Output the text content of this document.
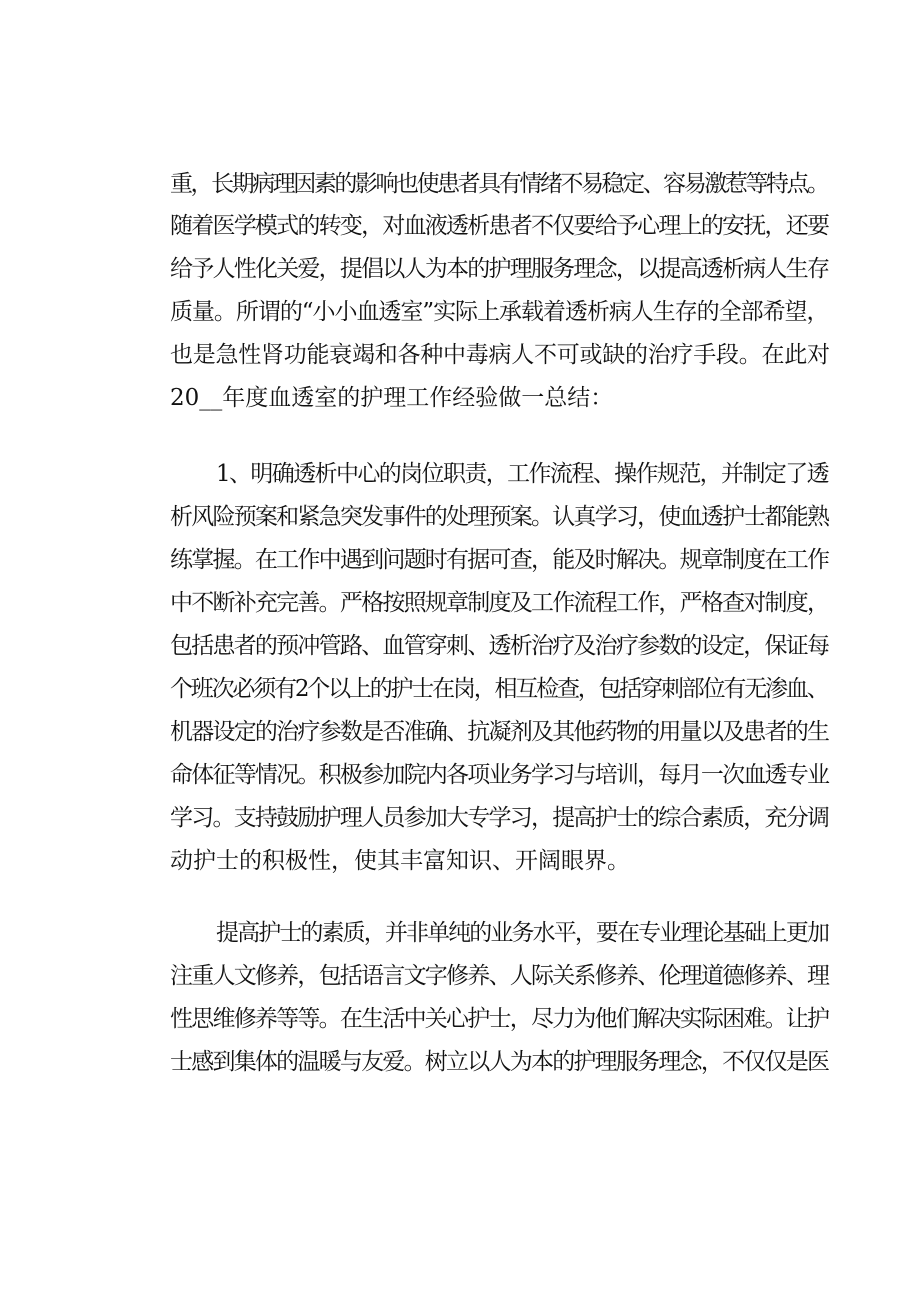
重，长期病理因素的影响也使患者具有情绪不易稳定、容易激惹等特点。
随着医学模式的转变，对血液透析患者不仅要给予心理上的安抚，还要
给予人性化关爱，提倡以人为本的护理服务理念，以提高透析病人生存
质量。所谓的“小小血透室”实际上承载着透析病人生存的全部希望，
也是急性肾功能衰竭和各种中毒病人不可或缺的治疗手段。在此对
20__年度血透室的护理工作经验做一总结：
1、明确透析中心的岗位职责，工作流程、操作规范，并制定了透
析风险预案和紧急突发事件的处理预案。认真学习，使血透护士都能熟
练掌握。在工作中遇到问题时有据可查，能及时解决。规章制度在工作
中不断补充完善。严格按照规章制度及工作流程工作，严格查对制度，
包括患者的预冲管路、血管穿刺、透析治疗及治疗参数的设定，保证每
个班次必须有2个以上的护士在岗，相互检查，包括穿刺部位有无渗血、
机器设定的治疗参数是否准确、抗凝剂及其他药物的用量以及患者的生
命体征等情况。积极参加院内各项业务学习与培训，每月一次血透专业
学习。支持鼓励护理人员参加大专学习，提高护士的综合素质，充分调
动护士的积极性，使其丰富知识、开阔眼界。
提高护士的素质，并非单纯的业务水平，要在专业理论基础上更加
注重人文修养，包括语言文字修养、人际关系修养、伦理道德修养、理
性思维修养等等。在生活中关心护士，尽力为他们解决实际困难。让护
士感到集体的温暖与友爱。树立以人为本的护理服务理念，不仅仅是医
